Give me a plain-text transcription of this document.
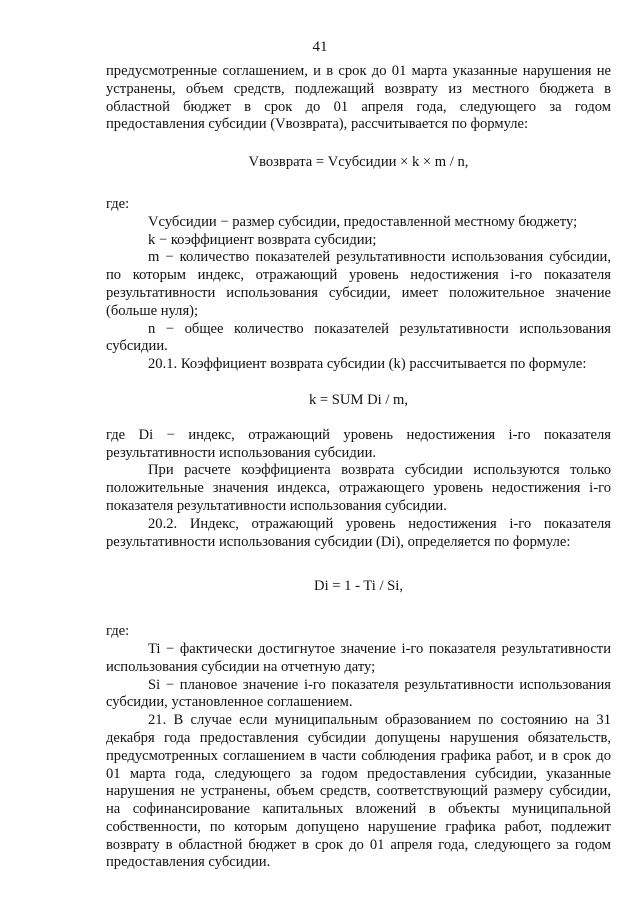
41

предусмотренные соглашением, и в срок до 01 марта указанные нарушения не устранены, объем средств, подлежащий возврату из местного бюджета в областной бюджет в срок до 01 апреля года, следующего за годом предоставления субсидии (Vвозврата), рассчитывается по формуле:

Vвозврата = Vсубсидии × k × m / n,

где:

Vсубсидии − размер субсидии, предоставленной местному бюджету;

k − коэффициент возврата субсидии;

m − количество показателей результативности использования субсидии, по которым индекс, отражающий уровень недостижения i-го показателя результативности использования субсидии, имеет положительное значение (больше нуля);

n − общее количество показателей результативности использования субсидии.

20.1. Коэффициент возврата субсидии (k) рассчитывается по формуле:

k = SUM Di / m,

где Di − индекс, отражающий уровень недостижения i-го показателя результативности использования субсидии.

При расчете коэффициента возврата субсидии используются только положительные значения индекса, отражающего уровень недостижения i-го показателя результативности использования субсидии.

20.2. Индекс, отражающий уровень недостижения i-го показателя результативности использования субсидии (Di), определяется по формуле:

Di = 1 - Ti / Si,

где:

Ti − фактически достигнутое значение i-го показателя результативности использования субсидии на отчетную дату;

Si − плановое значение i-го показателя результативности использования субсидии, установленное соглашением.

21. В случае если муниципальным образованием по состоянию на 31 декабря года предоставления субсидии допущены нарушения обязательств, предусмотренных соглашением в части соблюдения графика работ, и в срок до 01 марта года, следующего за годом предоставления субсидии, указанные нарушения не устранены, объем средств, соответствующий размеру субсидии, на софинансирование капитальных вложений в объекты муниципальной собственности, по которым допущено нарушение графика работ, подлежит возврату в областной бюджет в срок до 01 апреля года, следующего за годом предоставления субсидии.
